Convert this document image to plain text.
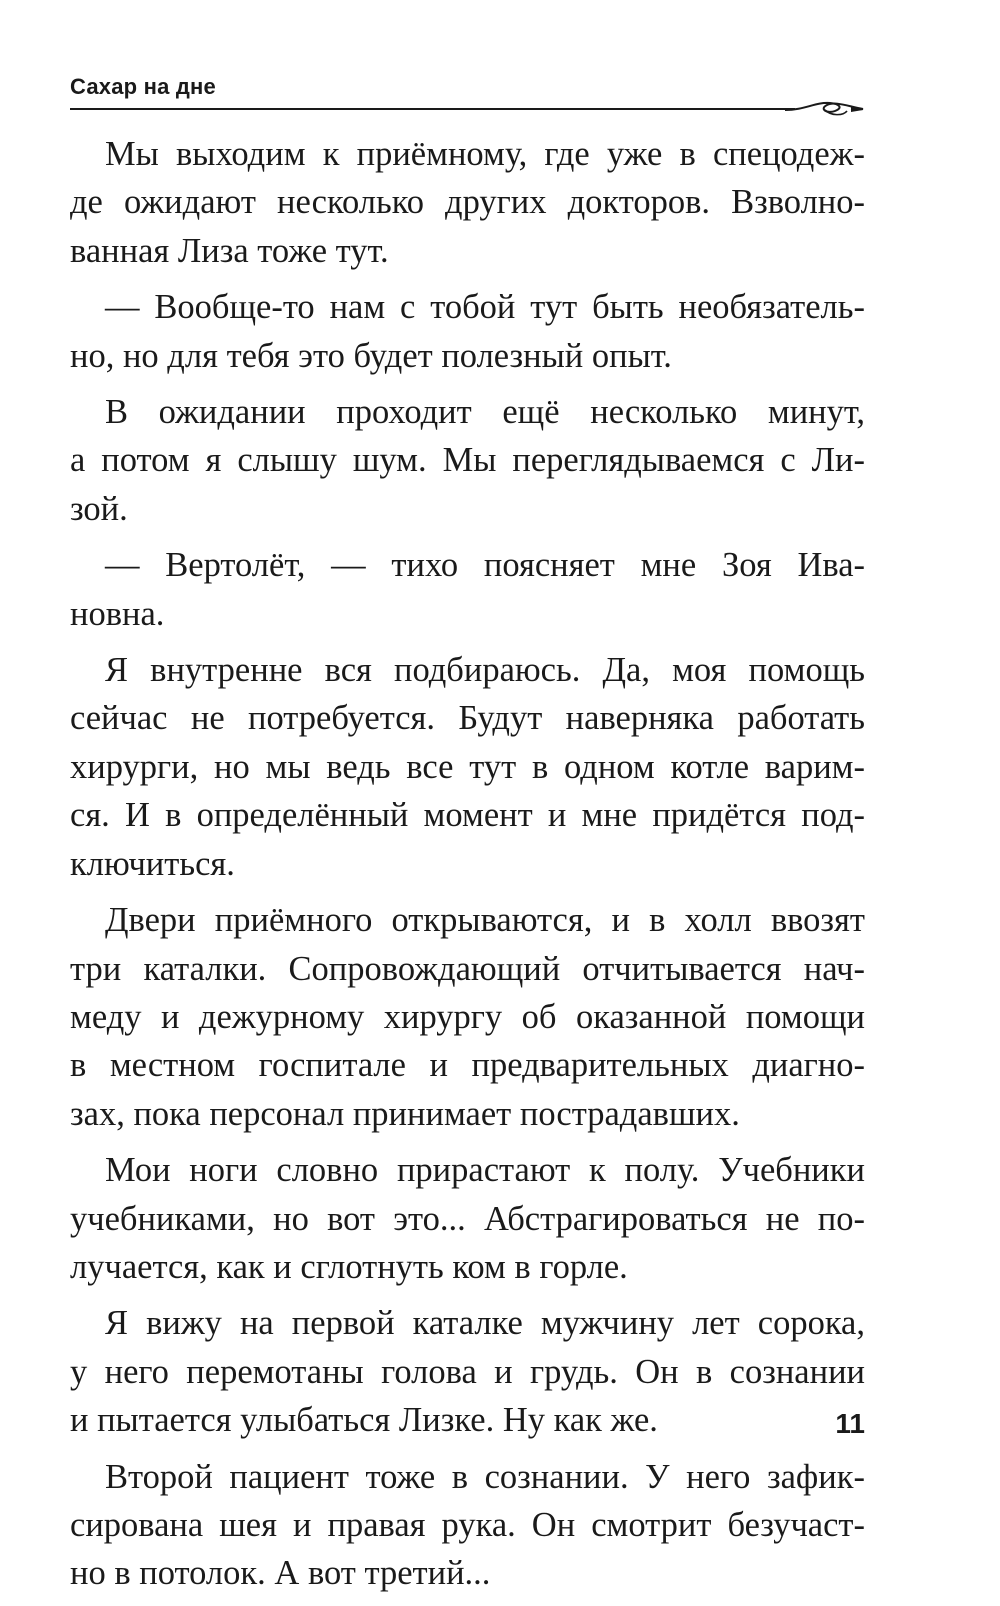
Сахар на дне

Мы выходим к приёмному, где уже в спецодеж-
де ожидают несколько других докторов. Взволно-
ванная Лиза тоже тут.

— Вообще-то нам с тобой тут быть необязатель-
но, но для тебя это будет полезный опыт.

В ожидании проходит ещё несколько минут,
а потом я слышу шум. Мы переглядываемся с Ли-
зой.

— Вертолёт, — тихо поясняет мне Зоя Ива-
новна.

Я внутренне вся подбираюсь. Да, моя помощь
сейчас не потребуется. Будут наверняка работать
хирурги, но мы ведь все тут в одном котле варим-
ся. И в определённый момент и мне придётся под-
ключиться.

Двери приёмного открываются, и в холл ввозят
три каталки. Сопровождающий отчитывается нач-
меду и дежурному хирургу об оказанной помощи
в местном госпитале и предварительных диагно-
зах, пока персонал принимает пострадавших.

Мои ноги словно прирастают к полу. Учебники
учебниками, но вот это... Абстрагироваться не по-
лучается, как и сглотнуть ком в горле.

Я вижу на первой каталке мужчину лет сорока,
у него перемотаны голова и грудь. Он в сознании
и пытается улыбаться Лизке. Ну как же.

Второй пациент тоже в сознании. У него зафик-
сирована шея и правая рука. Он смотрит безучаст-
но в потолок. А вот третий...

11
